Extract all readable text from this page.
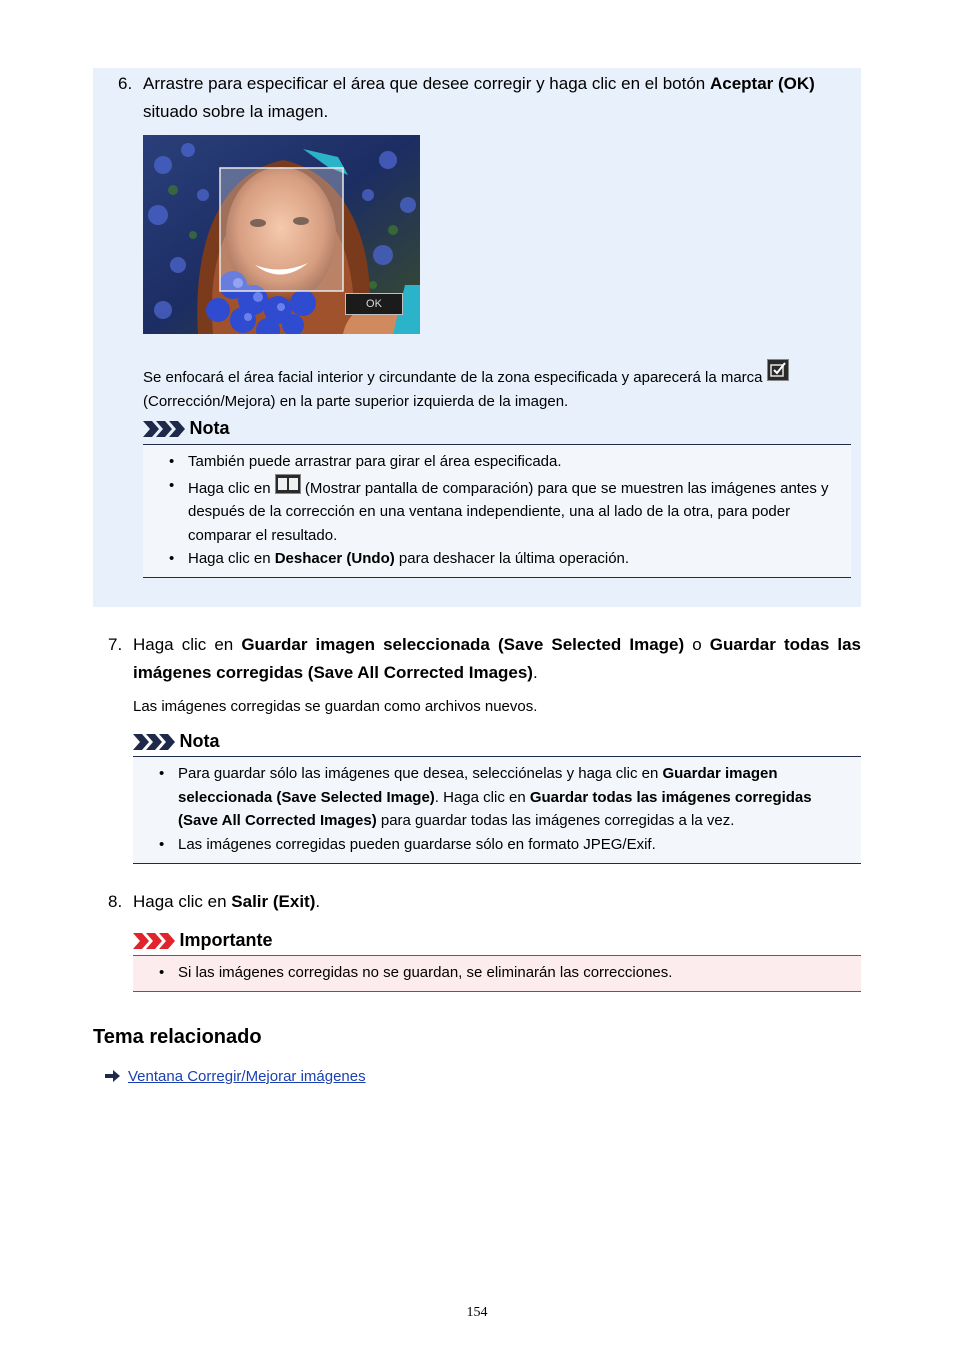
6. Arrastre para especificar el área que desee corregir y haga clic en el botón Aceptar (OK) situado sobre la imagen.
OK
Se enfocará el área facial interior y circundante de la zona especificada y aparecerá la marca
(Corrección/Mejora) en la parte superior izquierda de la imagen.
Nota
• También puede arrastrar para girar el área especificada.
• Haga clic en  (Mostrar pantalla de comparación) para que se muestren las imágenes antes y después de la corrección en una ventana independiente, una al lado de la otra, para poder comparar el resultado.
• Haga clic en Deshacer (Undo) para deshacer la última operación.
7. Haga clic en Guardar imagen seleccionada (Save Selected Image) o Guardar todas las imágenes corregidas (Save All Corrected Images).
Las imágenes corregidas se guardan como archivos nuevos.
Nota
• Para guardar sólo las imágenes que desea, selecciónelas y haga clic en Guardar imagen seleccionada (Save Selected Image). Haga clic en Guardar todas las imágenes corregidas (Save All Corrected Images) para guardar todas las imágenes corregidas a la vez.
• Las imágenes corregidas pueden guardarse sólo en formato JPEG/Exif.
8. Haga clic en Salir (Exit).
Importante
• Si las imágenes corregidas no se guardan, se eliminarán las correcciones.
Tema relacionado
Ventana Corregir/Mejorar imágenes
154
